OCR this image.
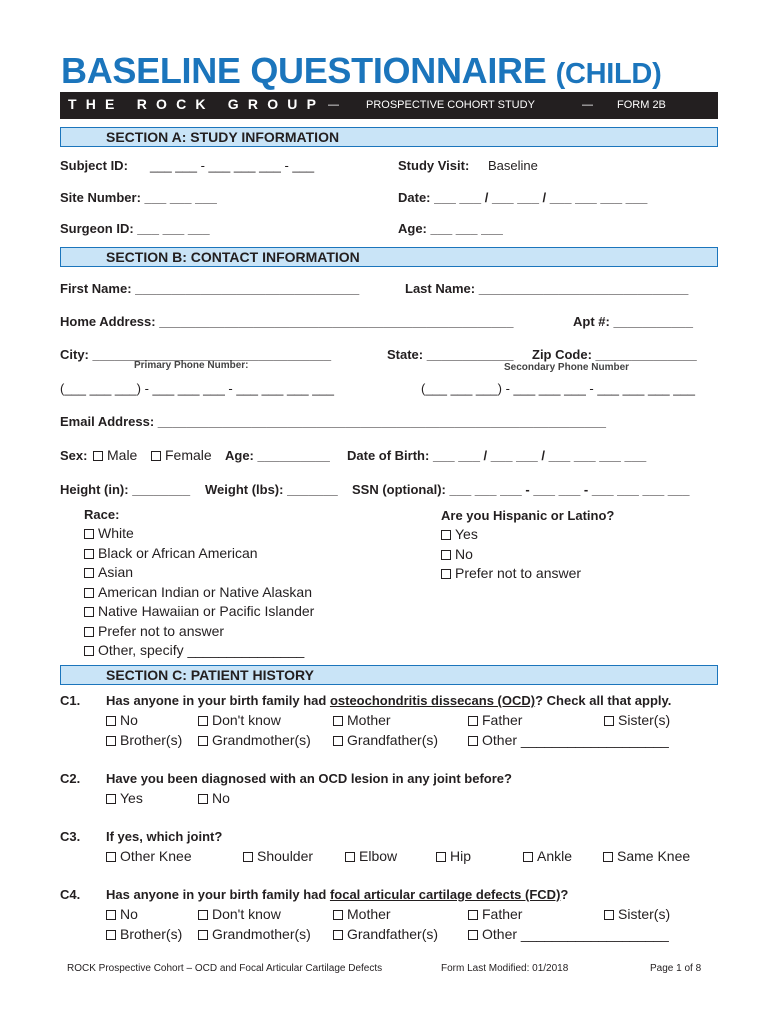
BASELINE QUESTIONNAIRE (CHILD)
THE ROCK GROUP — PROSPECTIVE COHORT STUDY	— FORM 2B
SECTION A: STUDY INFORMATION
Subject ID: ___ ___ - ___ ___ ___ - ___
Site Number: ___ ___ ___
Surgeon ID: ___ ___ ___
Study Visit: Baseline
Date: ___ ___ / ___ ___ / ___ ___ ___ ___
Age: ___ ___ ___
SECTION B: CONTACT INFORMATION
First Name: _______________________________	Last Name: _____________________________
Home Address: _________________________________________________	Apt #: ___________
City: _________________________________	State: ____________ Zip Code: ______________
Primary Phone Number:	Secondary Phone Number
(___ ___ ___) - ___ ___ ___ - ___ ___ ___ ___	(___ ___ ___) - ___ ___ ___ - ___ ___ ___ ___
Email Address: ______________________________________________________________
Sex:	Male	Female Age: __________ Date of Birth: ___ ___ / ___ ___ / ___ ___ ___ ___
Height (in): ________ Weight (lbs): _______ SSN (optional): ___ ___ ___ - ___ ___ - ___ ___ ___ ___
Race:
White
Black or African American
Asian
American Indian or Native Alaskan
Native Hawaiian or Pacific Islander
Prefer not to answer
Other, specify _______________
Are you Hispanic or Latino?
Yes
No
Prefer not to answer
SECTION C: PATIENT HISTORY
C1. Has anyone in your birth family had osteochondritis dissecans (OCD)? Check all that apply.
No	Don't know	Mother	Father	Sister(s)
Brother(s)	Grandmother(s)	Grandfather(s)	Other ___________________
C2. Have you been diagnosed with an OCD lesion in any joint before?
Yes	No
C3. If yes, which joint?
Other Knee	Shoulder	Elbow	Hip	Ankle	Same Knee
C4. Has anyone in your birth family had focal articular cartilage defects (FCD)?
No	Don't know	Mother	Father	Sister(s)
Brother(s)	Grandmother(s)	Grandfather(s)	Other ___________________
ROCK Prospective Cohort – OCD and Focal Articular Cartilage Defects	Form Last Modified: 01/2018	Page 1 of 8
